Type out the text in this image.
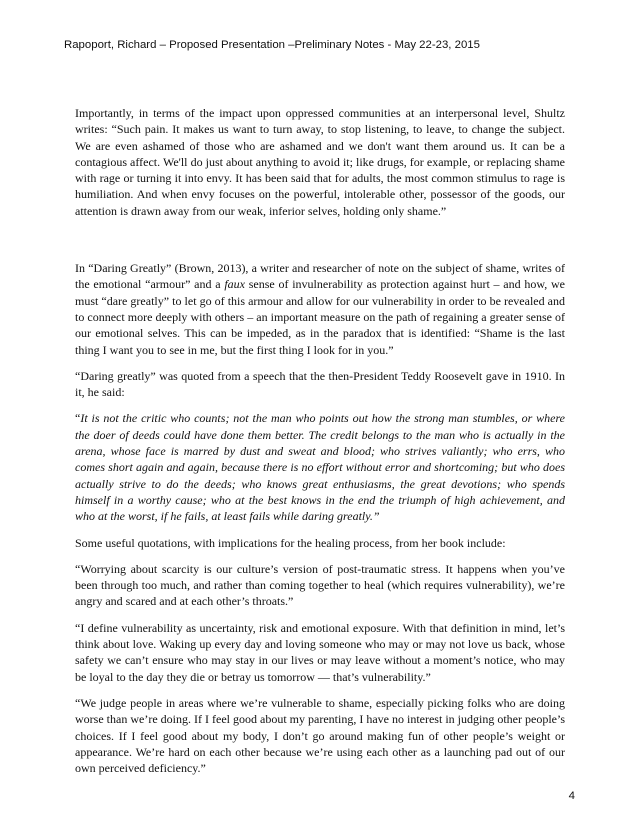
Rapoport, Richard – Proposed Presentation –Preliminary Notes - May 22-23, 2015

Importantly, in terms of the impact upon oppressed communities at an interpersonal level, Shultz writes: “Such pain. It makes us want to turn away, to stop listening, to leave, to change the subject. We are even ashamed of those who are ashamed and we don't want them around us. It can be a contagious affect. We'll do just about anything to avoid it; like drugs, for example, or replacing shame with rage or turning it into envy. It has been said that for adults, the most common stimulus to rage is humiliation. And when envy focuses on the powerful, intolerable other, possessor of the goods, our attention is drawn away from our weak, inferior selves, holding only shame.”

In “Daring Greatly” (Brown, 2013), a writer and researcher of note on the subject of shame, writes of the emotional “armour” and a faux sense of invulnerability as protection against hurt – and how, we must “dare greatly” to let go of this armour and allow for our vulnerability in order to be revealed and to connect more deeply with others – an important measure on the path of regaining a greater sense of our emotional selves. This can be impeded, as in the paradox that is identified: “Shame is the last thing I want you to see in me, but the first thing I look for in you.”

“Daring greatly” was quoted from a speech that the then-President Teddy Roosevelt gave in 1910. In it, he said:

“It is not the critic who counts; not the man who points out how the strong man stumbles, or where the doer of deeds could have done them better. The credit belongs to the man who is actually in the arena, whose face is marred by dust and sweat and blood; who strives valiantly; who errs, who comes short again and again, because there is no effort without error and shortcoming; but who does actually strive to do the deeds; who knows great enthusiasms, the great devotions; who spends himself in a worthy cause; who at the best knows in the end the triumph of high achievement, and who at the worst, if he fails, at least fails while daring greatly.”

Some useful quotations, with implications for the healing process, from her book include:

“Worrying about scarcity is our culture’s version of post-traumatic stress. It happens when you’ve been through too much, and rather than coming together to heal (which requires vulnerability), we’re angry and scared and at each other’s throats.”

“I define vulnerability as uncertainty, risk and emotional exposure. With that definition in mind, let’s think about love. Waking up every day and loving someone who may or may not love us back, whose safety we can’t ensure who may stay in our lives or may leave without a moment’s notice, who may be loyal to the day they die or betray us tomorrow — that’s vulnerability.”

“We judge people in areas where we’re vulnerable to shame, especially picking folks who are doing worse than we’re doing. If I feel good about my parenting, I have no interest in judging other people’s choices. If I feel good about my body, I don’t go around making fun of other people’s weight or appearance. We’re hard on each other because we’re using each other as a launching pad out of our own perceived deficiency.”

4
